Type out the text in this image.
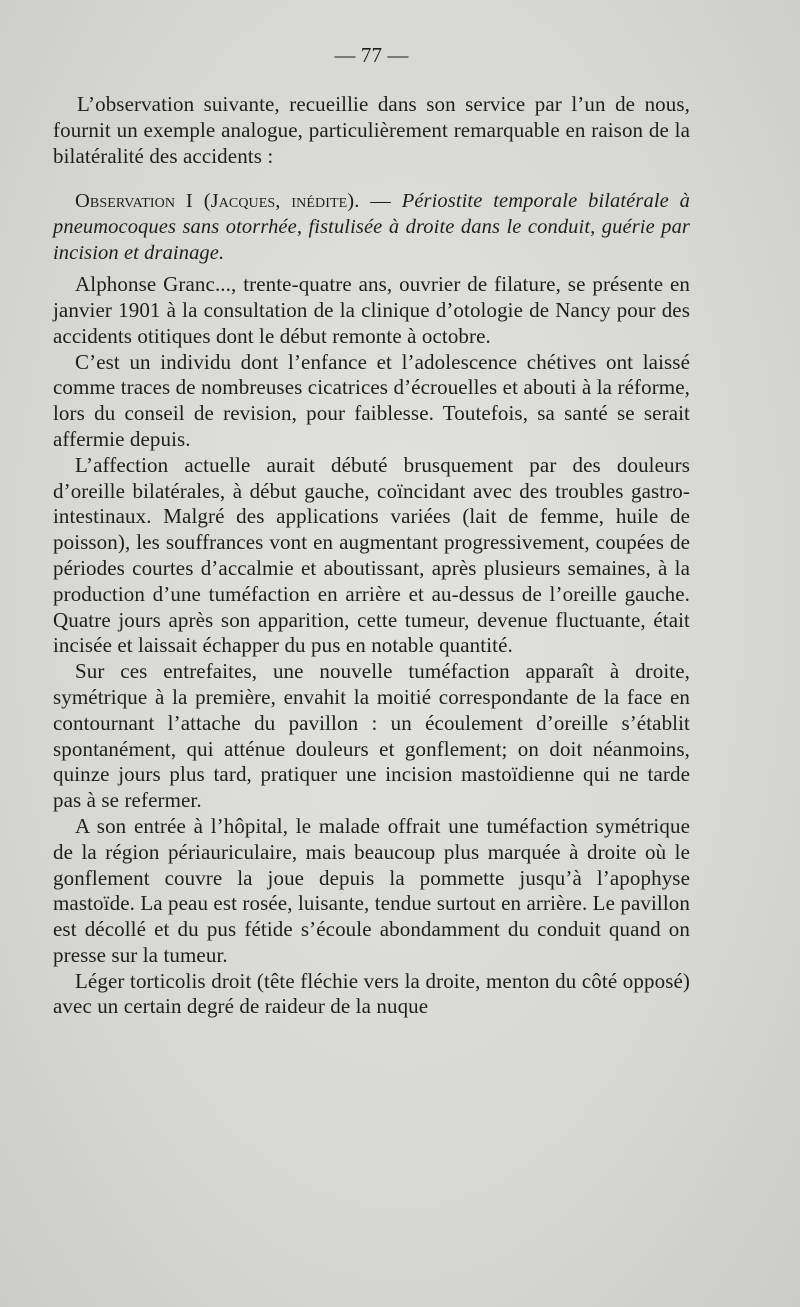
— 77 —

L’observation suivante, recueillie dans son service par l’un de nous, fournit un exemple analogue, particulièrement remarquable en raison de la bilatéralité des accidents :

Observation I (Jacques, inédite). — Périostite temporale bilatérale à pneumocoques sans otorrhée, fistulisée à droite dans le conduit, guérie par incision et drainage.

Alphonse Granc..., trente-quatre ans, ouvrier de filature, se présente en janvier 1901 à la consultation de la clinique d’otologie de Nancy pour des accidents otitiques dont le début remonte à octobre.

C’est un individu dont l’enfance et l’adolescence chétives ont laissé comme traces de nombreuses cicatrices d’écrouelles et abouti à la réforme, lors du conseil de revision, pour faiblesse. Toutefois, sa santé se serait affermie depuis.

L’affection actuelle aurait débuté brusquement par des douleurs d’oreille bilatérales, à début gauche, coïncidant avec des troubles gastro-intestinaux. Malgré des applications variées (lait de femme, huile de poisson), les souffrances vont en augmentant progressivement, coupées de périodes courtes d’accalmie et aboutissant, après plusieurs semaines, à la production d’une tuméfaction en arrière et au-dessus de l’oreille gauche. Quatre jours après son apparition, cette tumeur, devenue fluctuante, était incisée et laissait échapper du pus en notable quantité.

Sur ces entrefaites, une nouvelle tuméfaction apparaît à droite, symétrique à la première, envahit la moitié correspondante de la face en contournant l’attache du pavillon : un écoulement d’oreille s’établit spontanément, qui atténue douleurs et gonflement; on doit néanmoins, quinze jours plus tard, pratiquer une incision mastoïdienne qui ne tarde pas à se refermer.

A son entrée à l’hôpital, le malade offrait une tuméfaction symétrique de la région périauriculaire, mais beaucoup plus marquée à droite où le gonflement couvre la joue depuis la pommette jusqu’à l’apophyse mastoïde. La peau est rosée, luisante, tendue surtout en arrière. Le pavillon est décollé et du pus fétide s’écoule abondamment du conduit quand on presse sur la tumeur.

Léger torticolis droit (tête fléchie vers la droite, menton du côté opposé) avec un certain degré de raideur de la nuque
